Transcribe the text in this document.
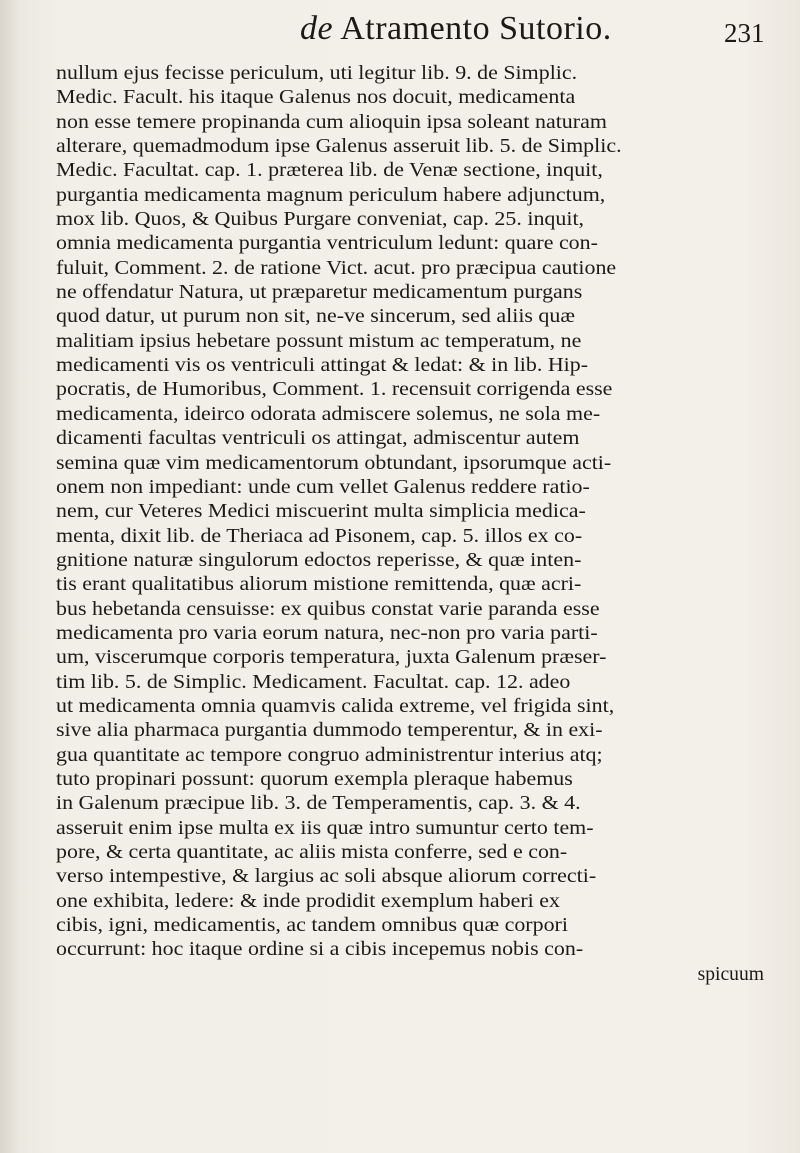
de Atramento Sutorio.	231
nullum ejus fecisse periculum, uti legitur lib. 9. de Simplic.
Medic. Facult. his itaque Galenus nos docuit, medicamenta
non esse temere propinanda cum alioquin ipsa soleant naturam
alterare, quemadmodum ipse Galenus asseruit lib. 5. de Simplic.
Medic. Facultat. cap. 1. præterea lib. de Venæ sectione, inquit,
purgantia medicamenta magnum periculum habere adjunctum,
mox lib. Quos, & Quibus Purgare conveniat, cap. 25. inquit,
omnia medicamenta purgantia ventriculum ledunt: quare con-
fuluit, Comment. 2. de ratione Vict. acut. pro præcipua cautione
ne offendatur Natura, ut præparetur medicamentum purgans
quod datur, ut purum non sit, ne-ve sincerum, sed aliis quæ
malitiam ipsius hebetare possunt mistum ac temperatum, ne
medicamenti vis os ventriculi attingat & ledat: & in lib. Hip-
pocratis, de Humoribus, Comment. 1. recensuit corrigenda esse
medicamenta, ideirco odorata admiscere solemus, ne sola me-
dicamenti facultas ventriculi os attingat, admiscentur autem
semina quæ vim medicamentorum obtundant, ipsorumque acti-
onem non impediant: unde cum vellet Galenus reddere ratio-
nem, cur Veteres Medici miscuerint multa simplicia medica-
menta, dixit lib. de Theriaca ad Pisonem, cap. 5. illos ex co-
gnitione naturæ singulorum edoctos reperisse, & quæ inten-
tis erant qualitatibus aliorum mistione remittenda, quæ acri-
bus hebetanda censuisse: ex quibus constat varie paranda esse
medicamenta pro varia eorum natura, nec-non pro varia parti-
um, viscerumque corporis temperatura, juxta Galenum præser-
tim lib. 5. de Simplic. Medicament. Facultat. cap. 12. adeo
ut medicamenta omnia quamvis calida extreme, vel frigida sint,
sive alia pharmaca purgantia dummodo temperentur, & in exi-
gua quantitate ac tempore congruo administrentur interius atq;
tuto propinari possunt: quorum exempla pleraque habemus
in Galenum præcipue lib. 3. de Temperamentis, cap. 3. & 4.
asseruit enim ipse multa ex iis quæ intro sumuntur certo tem-
pore, & certa quantitate, ac aliis mista conferre, sed e con-
verso intempestive, & largius ac soli absque aliorum correcti-
one exhibita, ledere: & inde prodidit exemplum haberi ex
cibis, igni, medicamentis, ac tandem omnibus quæ corpori
occurrunt: hoc itaque ordine si a cibis incepemus nobis con-
spicuum
